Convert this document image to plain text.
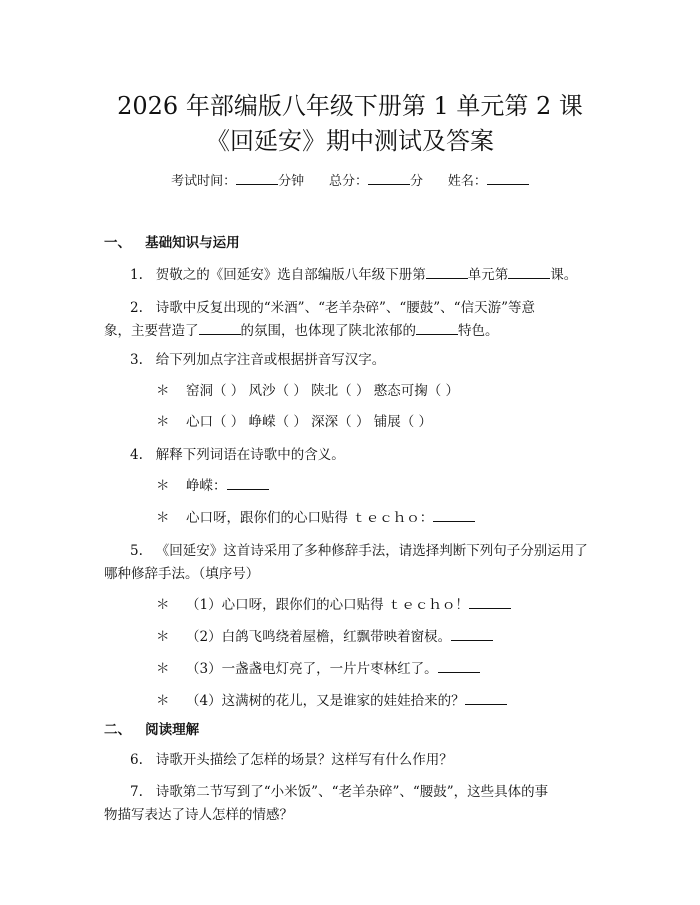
2026 年部编版八年级下册第 1 单元第 2 课
《回延安》期中测试及答案
考试时间：	分钟 总分：	分 姓名：
一、 基础知识与运用
1. 贺敬之的《回延安》选自部编版八年级下册第	单元第	课。
2. 诗歌中反复出现的“米酒”、“老羊杂碎”、“腰鼓”、“信天游”等意
象，主要营造了	的氛围，也体现了陕北浓郁的	特色。
3. 给下列加点字注音或根据拼音写汉字。
＊ 窑洞（ ） 风沙（ ） 陕北（ ） 憨态可掬（ ）
＊ 心口（ ） 峥嵘（ ） 深深（ ） 铺展（ ）
4. 解释下列词语在诗歌中的含义。
＊ 峥嵘：
＊ 心口呀，跟你们的心口贴得 ｔｅｃｈｏ：
5. 《回延安》这首诗采用了多种修辞手法，请选择判断下列句子分别运用了
哪种修辞手法。（填序号）
＊ （1）心口呀，跟你们的心口贴得 ｔｅｃｈｏ！
＊ （2）白鸽飞鸣绕着屋檐，红飘带映着窗棂。
＊ （3）一盏盏电灯亮了，一片片枣林红了。
＊ （4）这满树的花儿，又是谁家的娃娃拾来的？
二、 阅读理解
6. 诗歌开头描绘了怎样的场景？这样写有什么作用？
7. 诗歌第二节写到了“小米饭”、“老羊杂碎”、“腰鼓”，这些具体的事
物描写表达了诗人怎样的情感？
